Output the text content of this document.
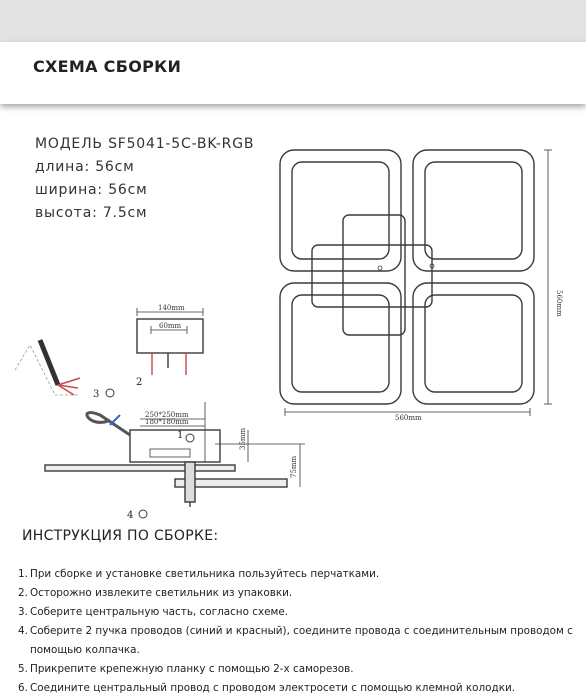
СХЕМА СБОРКИ
МОДЕЛЬ SF5041-5C-BK-RGB
длина: 56см
ширина: 56см
высота: 7.5см
140mm
60mm
250*250mm
180*180mm	560mm
35mm
75mm
560mm
3
2
1
4
ИНСТРУКЦИЯ ПО СБОРКЕ:
1. При сборке и установке светильника пользуйтесь перчатками.
2. Осторожно извлеките светильник из упаковки.
3. Соберите центральную часть, согласно схеме.
4. Соберите 2 пучка проводов (синий и красный), соедините провода с соединительным проводом с помощью колпачка.
5. Прикрепите крепежную планку с помощью 2-х саморезов.
6. Соедините центральный провод с проводом электросети с помощью клемной колодки.
